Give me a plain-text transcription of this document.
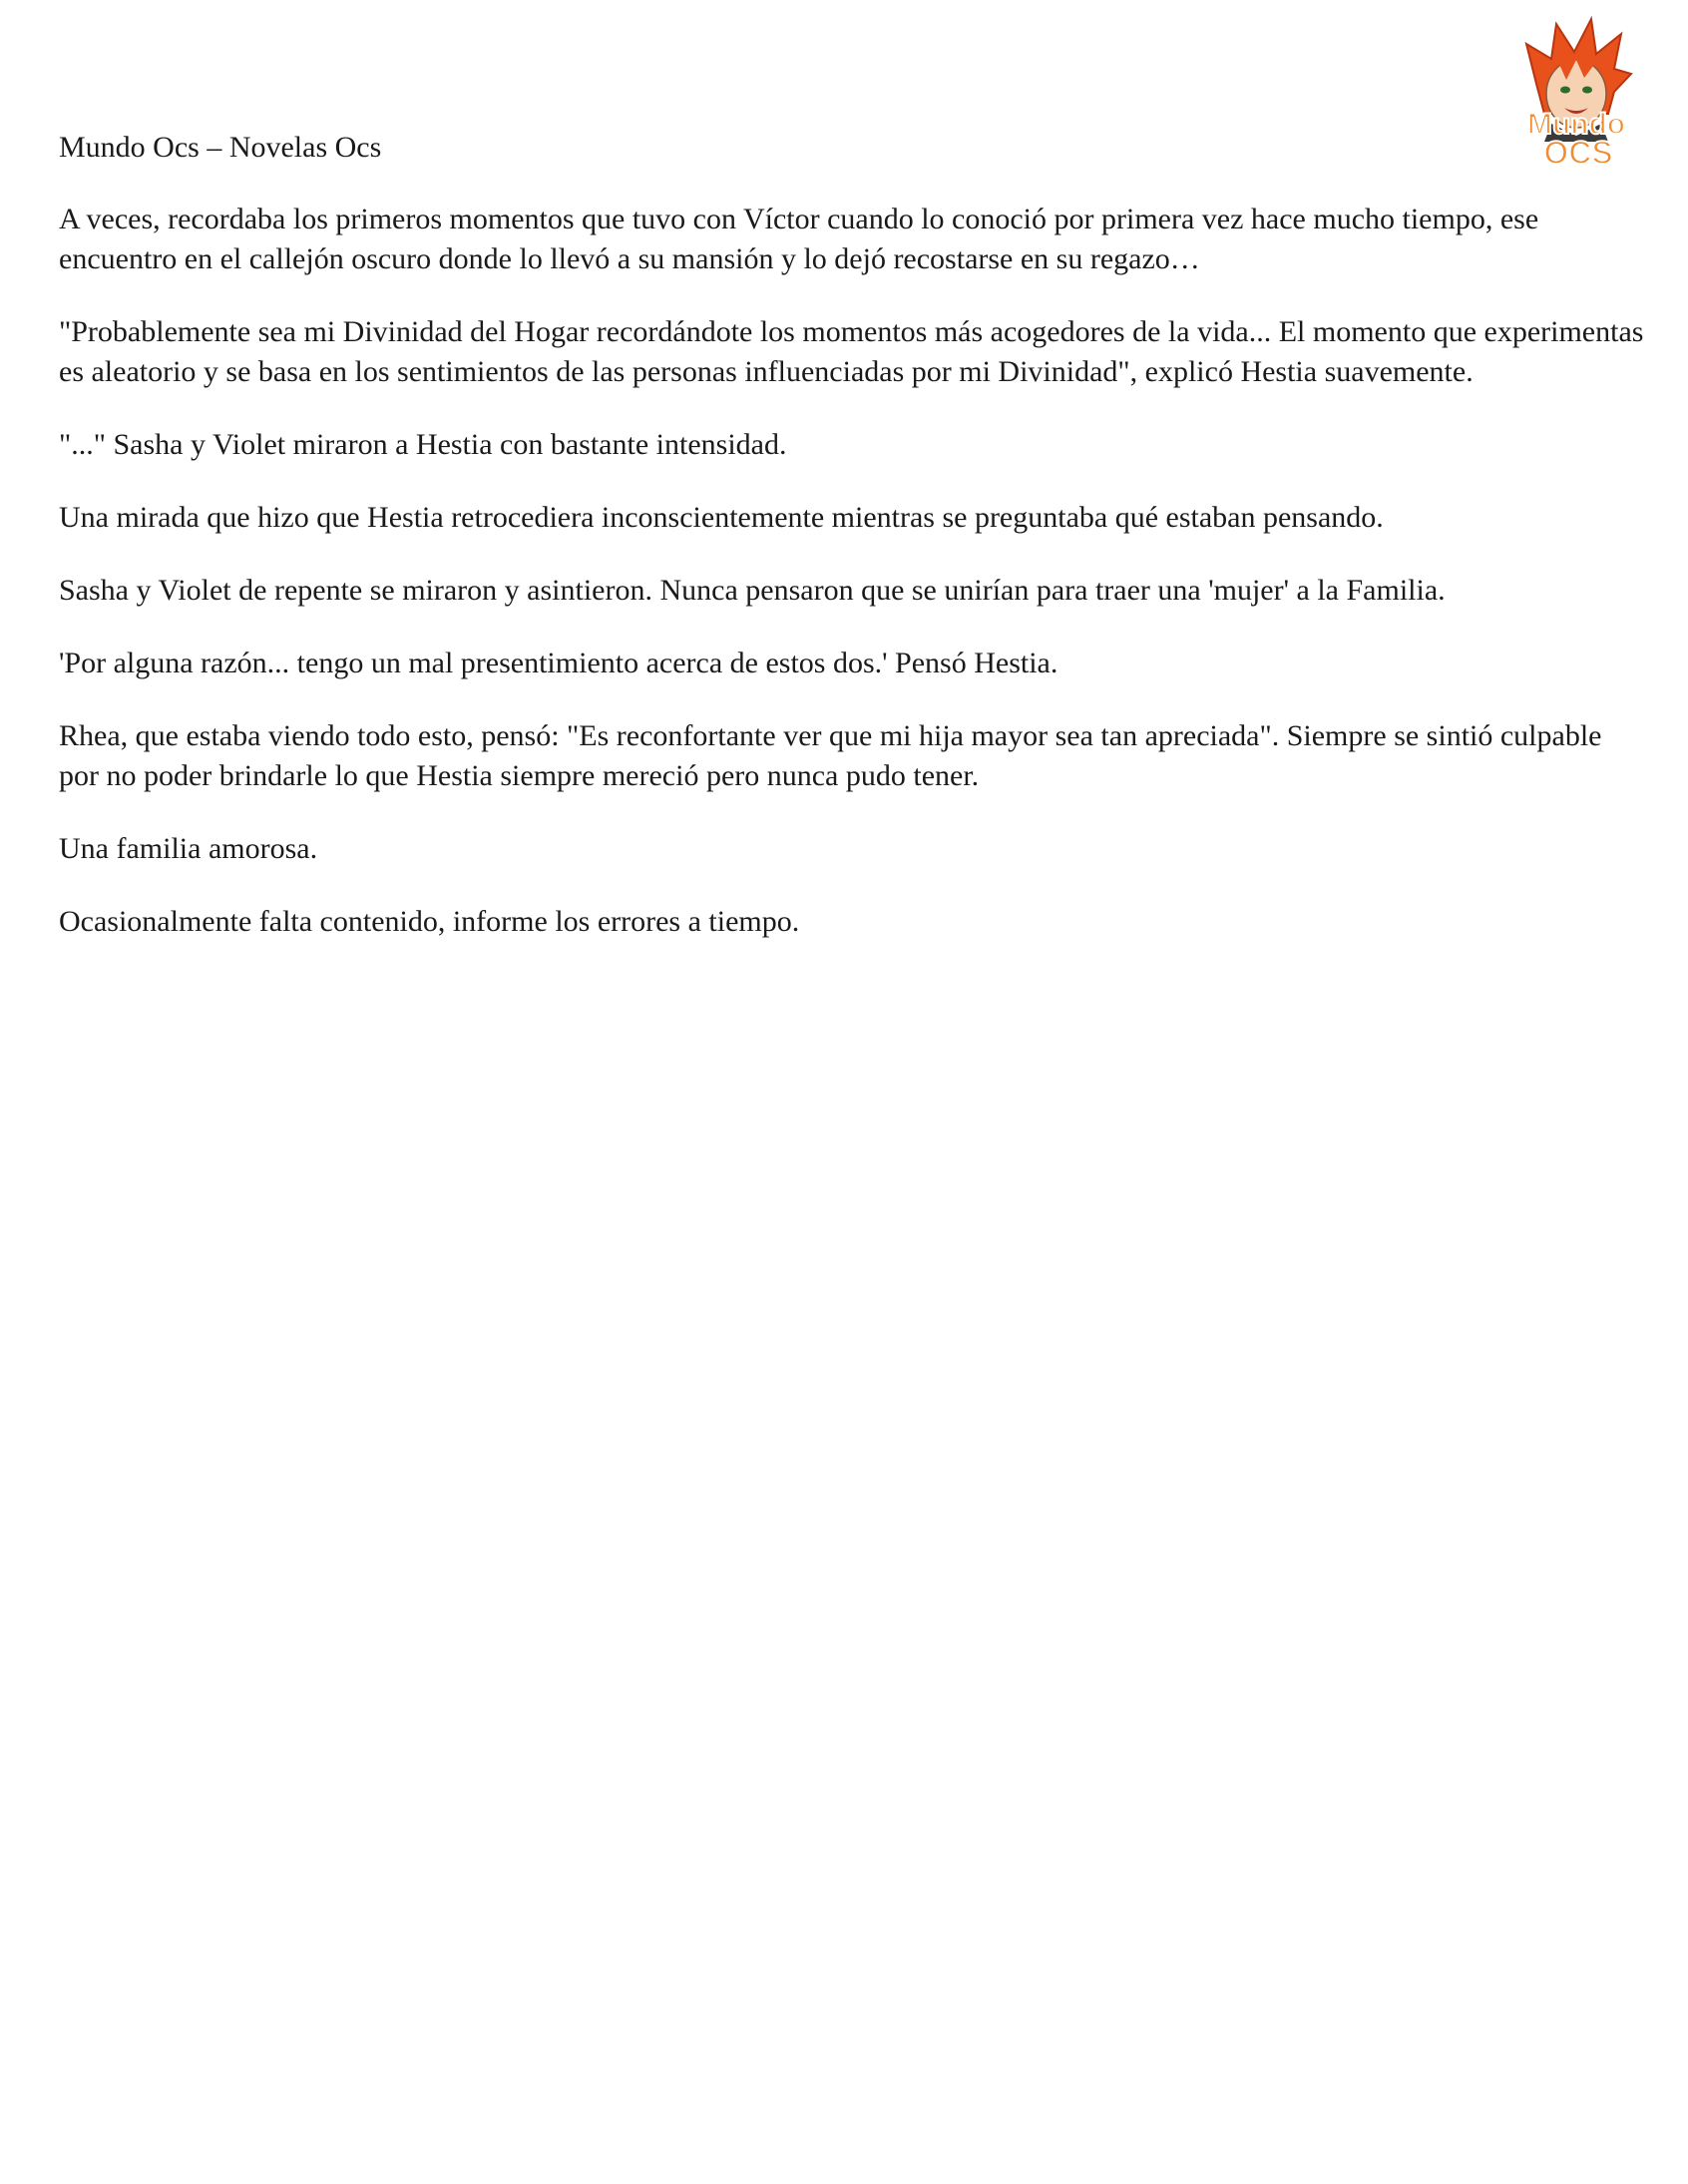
Mundo
OCS

Mundo Ocs – Novelas Ocs

A veces, recordaba los primeros momentos que tuvo con Víctor cuando lo conoció por primera vez hace mucho tiempo, ese encuentro en el callejón oscuro donde lo llevó a su mansión y lo dejó recostarse en su regazo…

"Probablemente sea mi Divinidad del Hogar recordándote los momentos más acogedores de la vida... El momento que experimentas es aleatorio y se basa en los sentimientos de las personas influenciadas por mi Divinidad", explicó Hestia suavemente.

"..." Sasha y Violet miraron a Hestia con bastante intensidad.

Una mirada que hizo que Hestia retrocediera inconscientemente mientras se preguntaba qué estaban pensando.

Sasha y Violet de repente se miraron y asintieron. Nunca pensaron que se unirían para traer una 'mujer' a la Familia.

'Por alguna razón... tengo un mal presentimiento acerca de estos dos.' Pensó Hestia.

Rhea, que estaba viendo todo esto, pensó: "Es reconfortante ver que mi hija mayor sea tan apreciada". Siempre se sintió culpable por no poder brindarle lo que Hestia siempre mereció pero nunca pudo tener.

Una familia amorosa.

Ocasionalmente falta contenido, informe los errores a tiempo.
